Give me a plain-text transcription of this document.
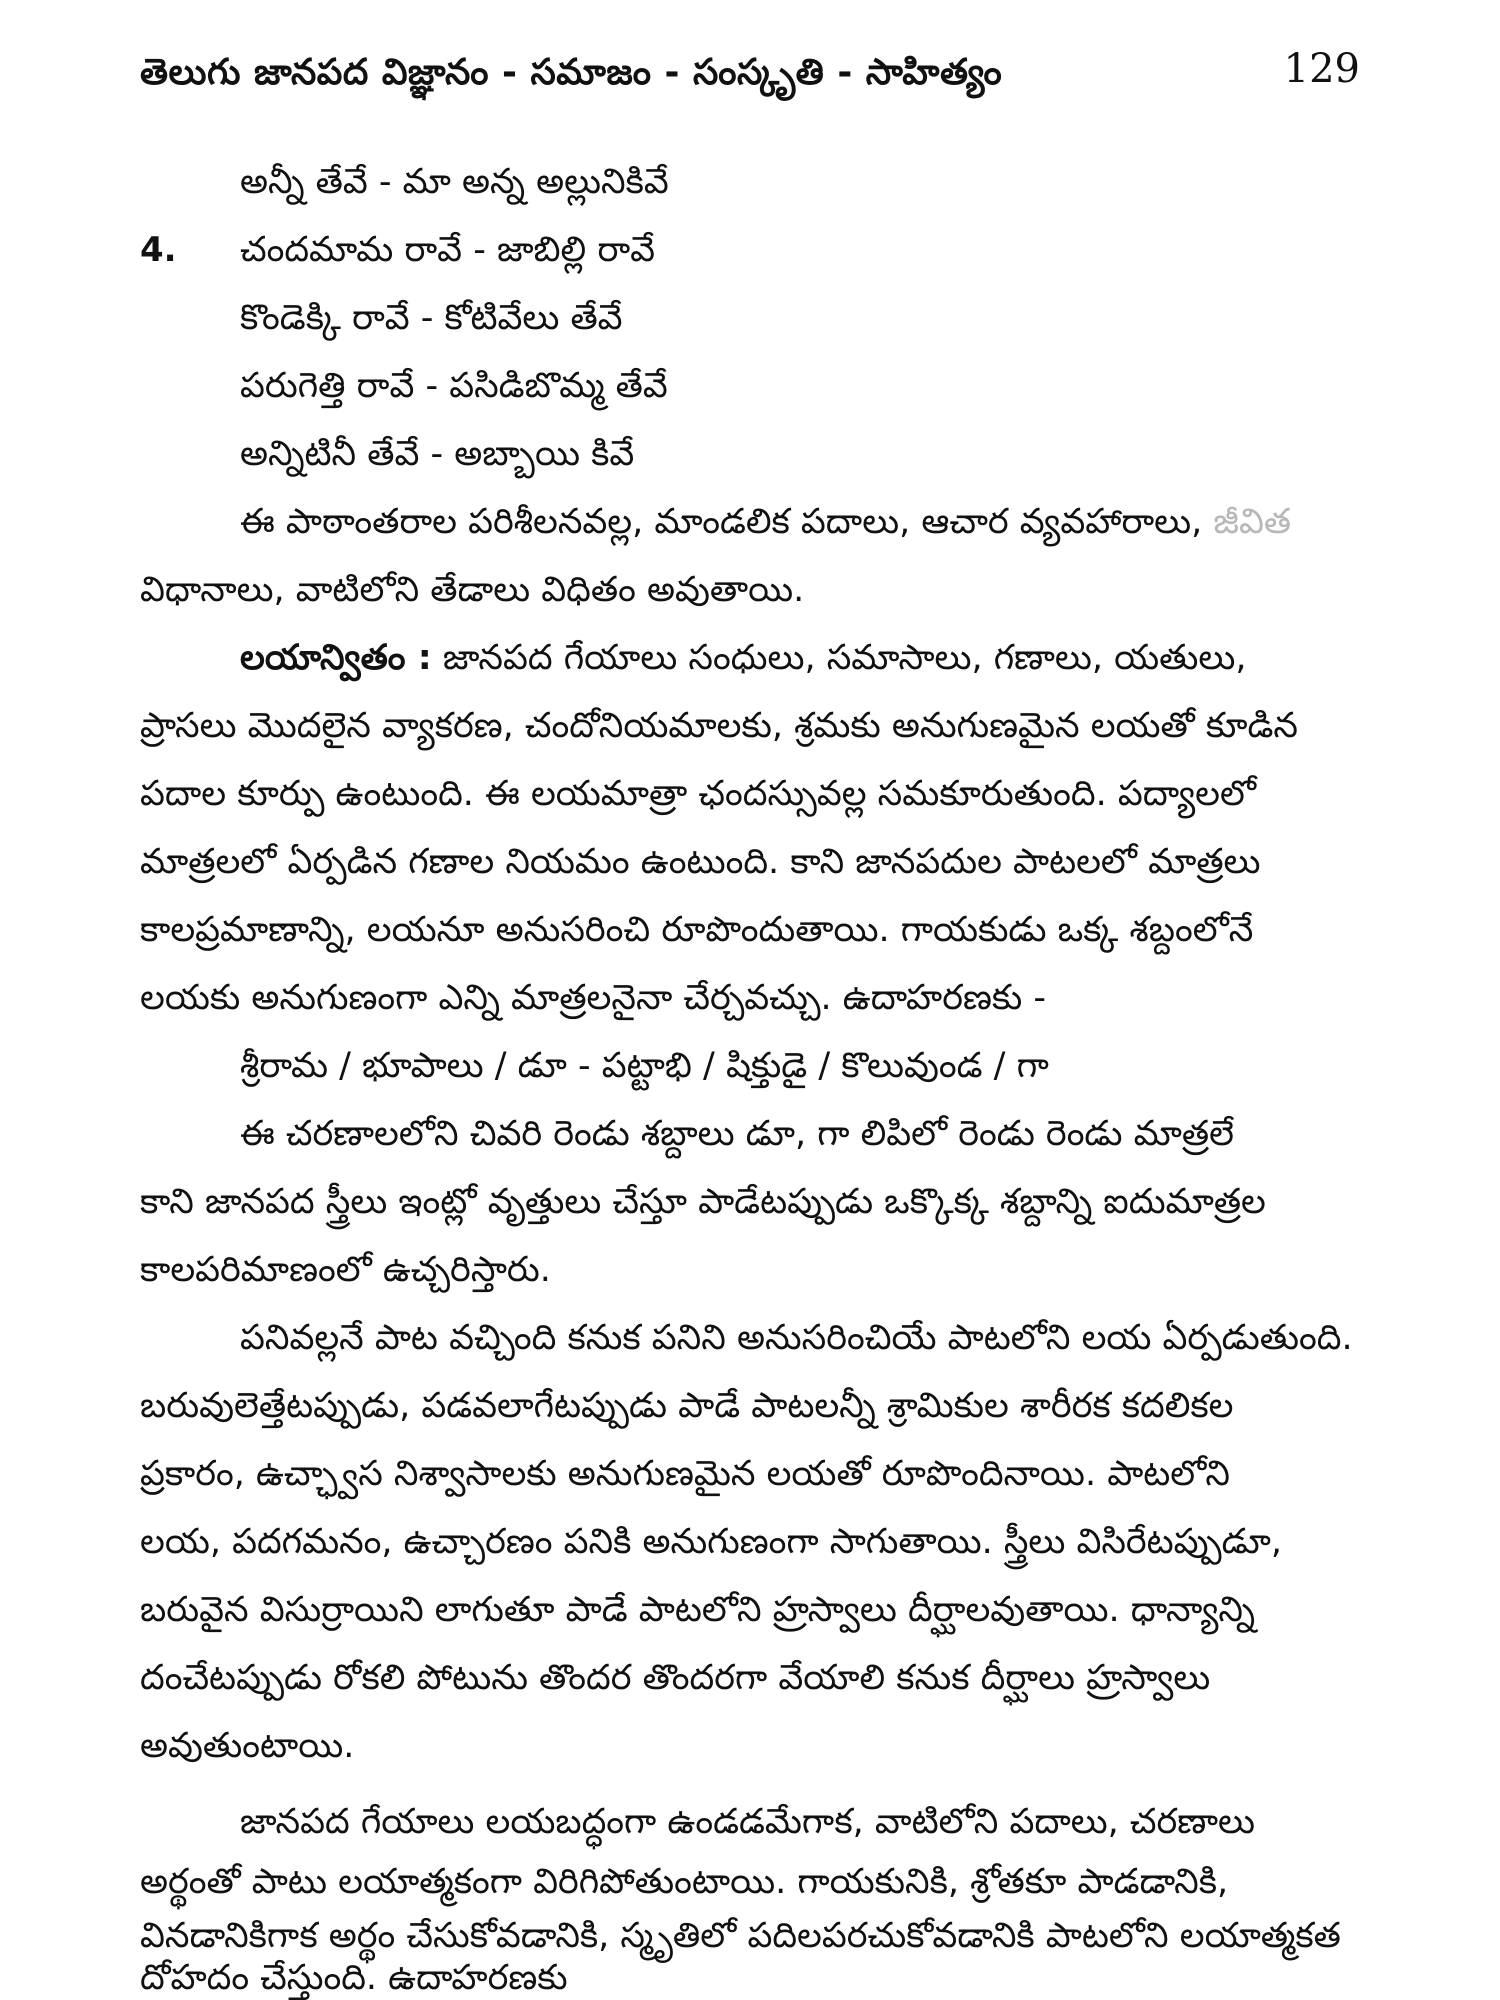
తెలుగు జానపద విజ్ఞానం - సమాజం - సంస్కృతి - సాహిత్యం	129
అన్నీ తేవే - మా అన్న అల్లునికివే
4. చందమామ రావే - జాబిల్లి రావే
కొండెక్కి రావే - కోటివేలు తేవే
పరుగెత్తి రావే - పసిడిబొమ్మ తేవే
అన్నిటినీ తేవే - అబ్బాయి కివే
ఈ పాఠాంతరాల పరిశీలనవల్ల, మాండలిక పదాలు, ఆచార వ్యవహారాలు, జీవిత
విధానాలు, వాటిలోని తేడాలు విధితం అవుతాయి.
లయాన్వితం : జానపద గేయాలు సంధులు, సమాసాలు, గణాలు, యతులు,
ప్రాసలు మొదలైన వ్యాకరణ, చందోనియమాలకు, శ్రమకు అనుగుణమైన లయతో కూడిన
పదాల కూర్పు ఉంటుంది. ఈ లయమాత్రా ఛందస్సువల్ల సమకూరుతుంది. పద్యాలలో
మాత్రలలో ఏర్పడిన గణాల నియమం ఉంటుంది. కాని జానపదుల పాటలలో మాత్రలు
కాలప్రమాణాన్ని, లయనూ అనుసరించి రూపొందుతాయి. గాయకుడు ఒక్క శబ్దంలోనే
లయకు అనుగుణంగా ఎన్ని మాత్రలనైనా చేర్చవచ్చు. ఉదాహరణకు -
శ్రీరామ / భూపాలు / డూ - పట్టాభి / షిక్తుడై / కొలువుండ / గా
ఈ చరణాలలోని చివరి రెండు శబ్దాలు డూ, గా లిపిలో రెండు రెండు మాత్రలే
కాని జానపద స్త్రీలు ఇంట్లో వృత్తులు చేస్తూ పాడేటప్పుడు ఒక్కొక్క శబ్దాన్ని ఐదుమాత్రల
కాలపరిమాణంలో ఉచ్చరిస్తారు.
పనివల్లనే పాట వచ్చింది కనుక పనిని అనుసరించియే పాటలోని లయ ఏర్పడుతుంది.
బరువులెత్తేటప్పుడు, పడవలాగేటప్పుడు పాడే పాటలన్నీ శ్రామికుల శారీరక కదలికల
ప్రకారం, ఉచ్ఛ్వాస నిశ్వాసాలకు అనుగుణమైన లయతో రూపొందినాయి. పాటలోని
లయ, పదగమనం, ఉచ్చారణం పనికి అనుగుణంగా సాగుతాయి. స్త్రీలు విసిరేటప్పుడూ,
బరువైన విసుర్రాయిని లాగుతూ పాడే పాటలోని హ్రస్వాలు దీర్ఘాలవుతాయి. ధాన్యాన్ని
దంచేటప్పుడు రోకలి పోటును తొందర తొందరగా వేయాలి కనుక దీర్ఘాలు హ్రస్వాలు
అవుతుంటాయి.
జానపద గేయాలు లయబద్ధంగా ఉండడమేగాక, వాటిలోని పదాలు, చరణాలు
అర్థంతో పాటు లయాత్మకంగా విరిగిపోతుంటాయి. గాయకునికి, శ్రోతకూ పాడడానికి,
వినడానికిగాక అర్థం చేసుకోవడానికి, స్మృతిలో పదిలపరచుకోవడానికి పాటలోని లయాత్మకత
దోహదం చేస్తుంది. ఉదాహరణకు
